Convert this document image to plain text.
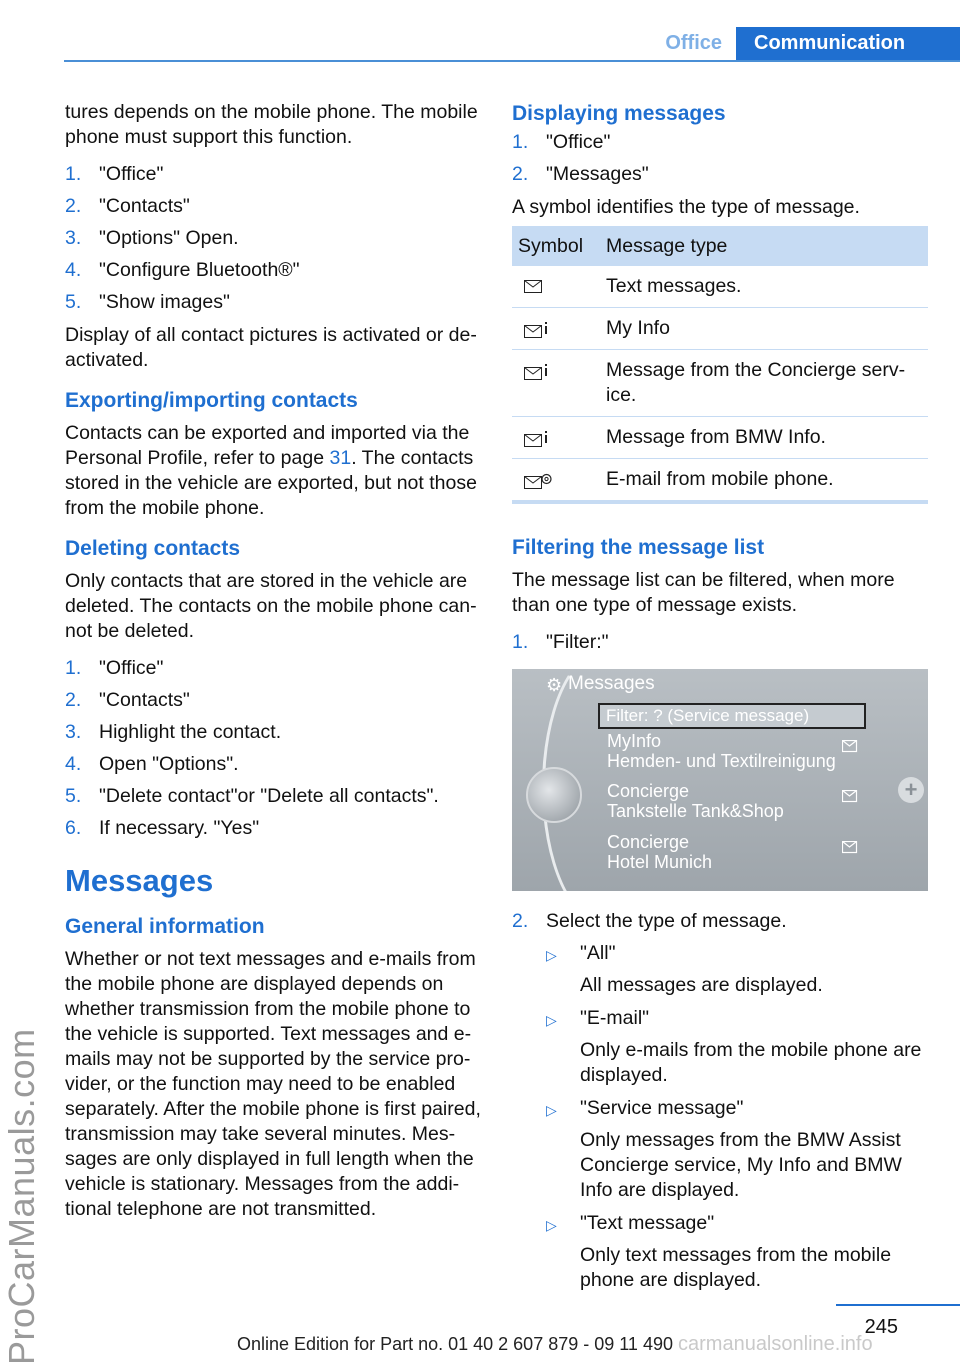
Office	Communication
ProCarManuals.com

tures depends on the mobile phone. The mobile phone must support this function.

1. "Office"
2. "Contacts"
3. "Options" Open.
4. "Configure Bluetooth®"
5. "Show images"

Display of all contact pictures is activated or de-activated.

Exporting/importing contacts

Contacts can be exported and imported via the Personal Profile, refer to page 31. The contacts stored in the vehicle are exported, but not those from the mobile phone.

Deleting contacts

Only contacts that are stored in the vehicle are deleted. The contacts on the mobile phone can-not be deleted.

1. "Office"
2. "Contacts"
3. Highlight the contact.
4. Open "Options".
5. "Delete contact"or "Delete all contacts".
6. If necessary. "Yes"
Messages
General information

Whether or not text messages and e-mails from the mobile phone are displayed depends on whether transmission from the mobile phone to the vehicle is supported. Text messages and e-mails may not be supported by the service pro-vider, or the function may need to be enabled separately. After the mobile phone is first paired, transmission may take several minutes. Mes-sages are only displayed in full length when the vehicle is stationary. Messages from the addi-tional telephone are not transmitted.

Displaying messages
1. "Office"
2. "Messages"

A symbol identifies the type of message.

Symbol	Message type

	Text messages.

	My Info

	Message from the Concierge serv-ice.

	Message from BMW Info.

	E-mail from mobile phone.
Filtering the message list

The message list can be filtered, when more than one type of message exists.

1. "Filter:"
⚙ Messages
Filter: ? (Service message)
MyInfo
Hemden- und Textilreinigung
Concierge
Tankstelle Tank&Shop
Concierge
Hotel Munich
+
2. Select the type of message.
▷	"All"
All messages are displayed.
▷	"E-mail"
Only e-mails from the mobile phone are displayed.
▷	"Service message"
Only messages from the BMW Assist Concierge service, My Info and BMW Info are displayed.
▷	"Text message"
Only text messages from the mobile phone are displayed.
245
Online Edition for Part no. 01 40 2 607 879 - 09 11 490 carmanualsonline.info
